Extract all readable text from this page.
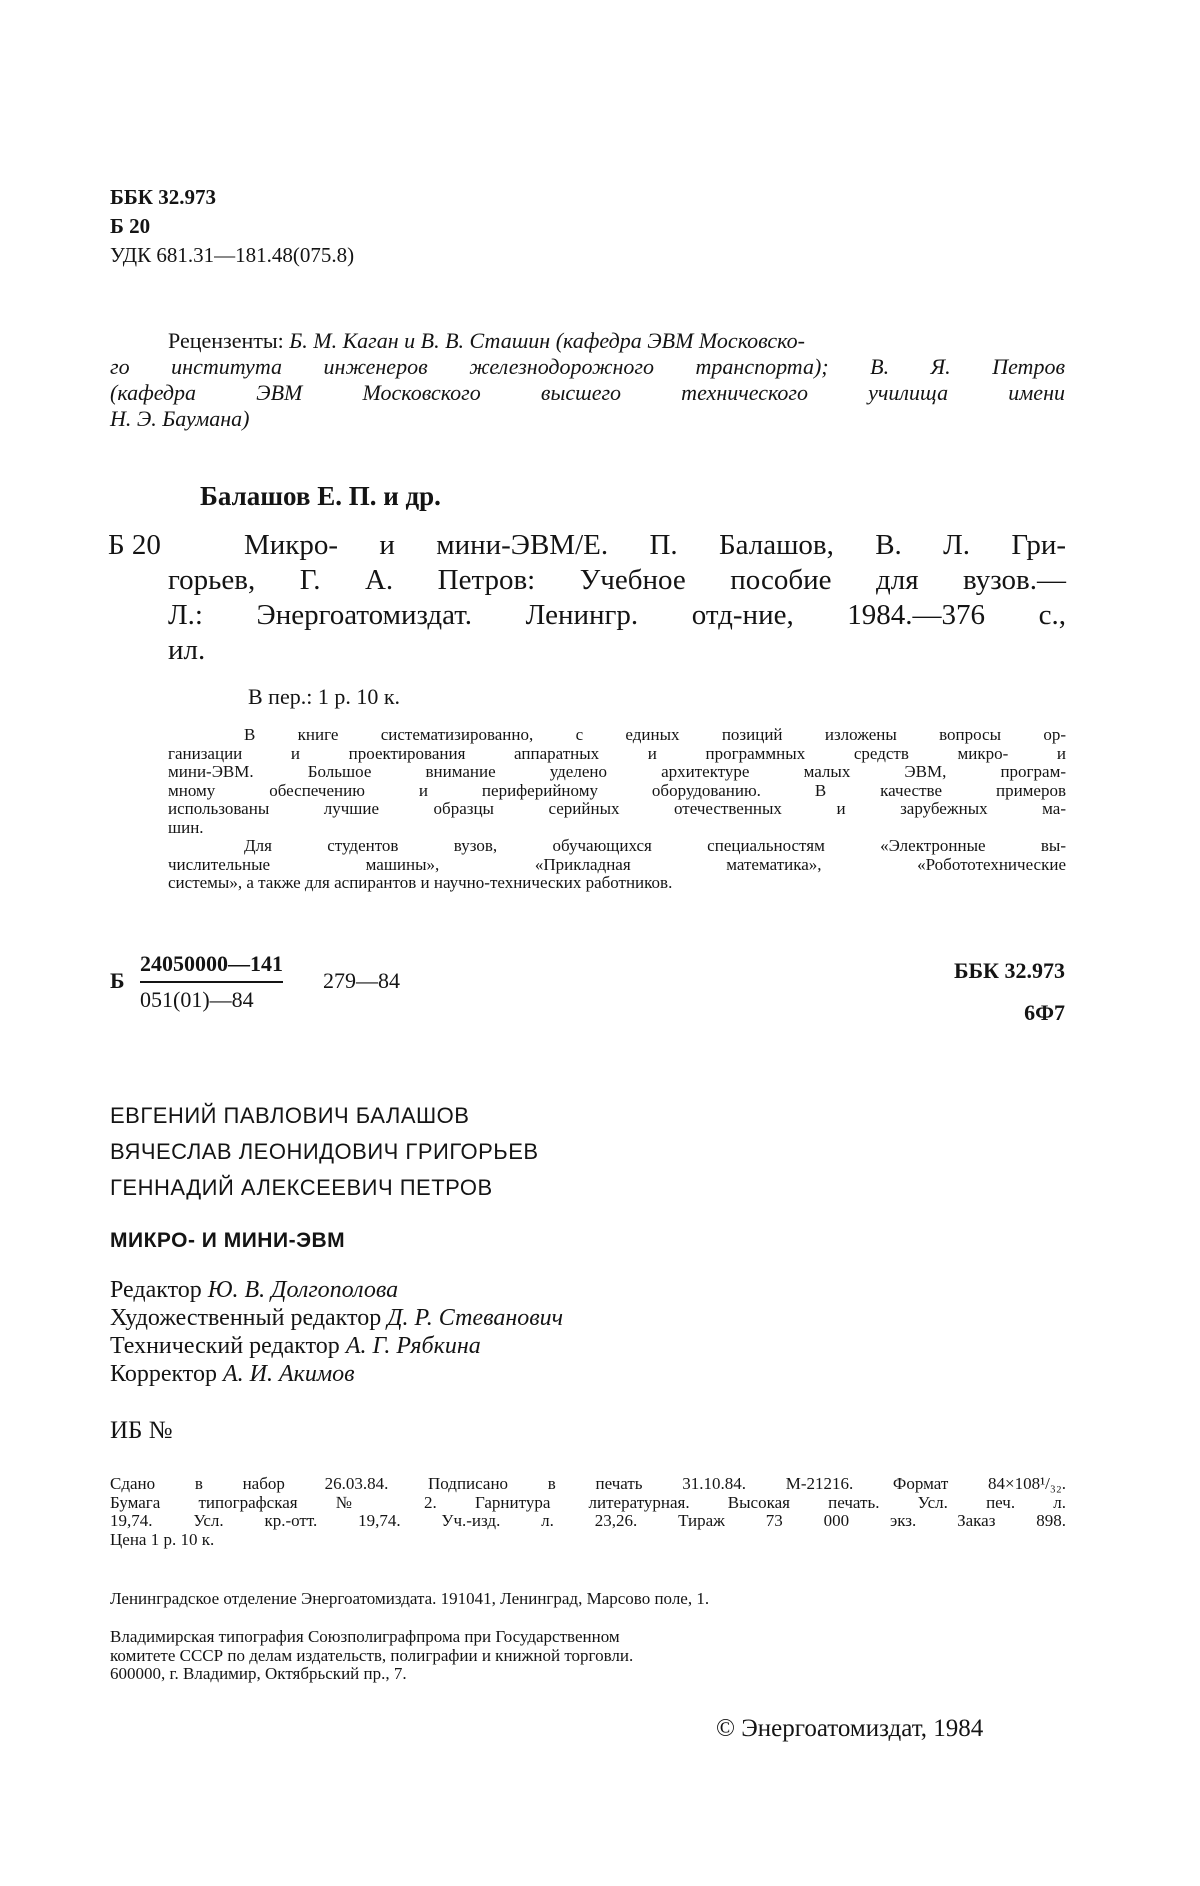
ББК 32.973
Б 20
УДК 681.31—181.48(075.8)
Рецензенты: Б. М. Каган и В. В. Сташин (кафедра ЭВМ Московско-
го института инженеров железнодорожного транспорта); В. Я. Петров
(кафедра ЭВМ Московского высшего технического училища имени
Н. Э. Баумана)
Балашов Е. П. и др.
Б 20	Микро- и мини-ЭВМ/Е. П. Балашов, В. Л. Гри-
горьев, Г. А. Петров: Учебное пособие для вузов.—
Л.: Энергоатомиздат. Ленингр. отд-ние, 1984.—376 с.,
ил.
В пер.: 1 р. 10 к.
В книге систематизированно, с единых позиций изложены вопросы ор-
ганизации и проектирования аппаратных и программных средств микро- и
мини-ЭВМ. Большое внимание уделено архитектуре малых ЭВМ, програм-
мному обеспечению и периферийному оборудованию. В качестве примеров
использованы лучшие образцы серийных отечественных и зарубежных ма-
шин.
Для студентов вузов, обучающихся специальностям «Электронные вы-
числительные машины», «Прикладная математика», «Робототехнические
системы», а также для аспирантов и научно-технических работников.
Б $\frac{24050000—141}{051(01)—84}$ 279—84	ББК 32.973
6Ф7
ЕВГЕНИЙ ПАВЛОВИЧ БАЛАШОВ
ВЯЧЕСЛАВ ЛЕОНИДОВИЧ ГРИГОРЬЕВ
ГЕННАДИЙ АЛЕКСЕЕВИЧ ПЕТРОВ
МИКРО- И МИНИ-ЭВМ
Редактор Ю. В. Долгополова
Художественный редактор Д. Р. Стеванович
Технический редактор А. Г. Рябкина
Корректор А. И. Акимов
ИБ №
Сдано в набор 26.03.84. Подписано в печать 31.10.84. М-21216. Формат 84×108¹/₃₂.
Бумага типографская № 2. Гарнитура литературная. Высокая печать. Усл. печ. л.
19,74. Усл. кр.-отт. 19,74. Уч.-изд. л. 23,26. Тираж 73 000 экз. Заказ 898.
Цена 1 р. 10 к.
Ленинградское отделение Энергоатомиздата. 191041, Ленинград, Марсово поле, 1.
Владимирская типография Союзполиграфпрома при Государственном
комитете СССР по делам издательств, полиграфии и книжной торговли.
600000, г. Владимир, Октябрьский пр., 7.
© Энергоатомиздат, 1984
